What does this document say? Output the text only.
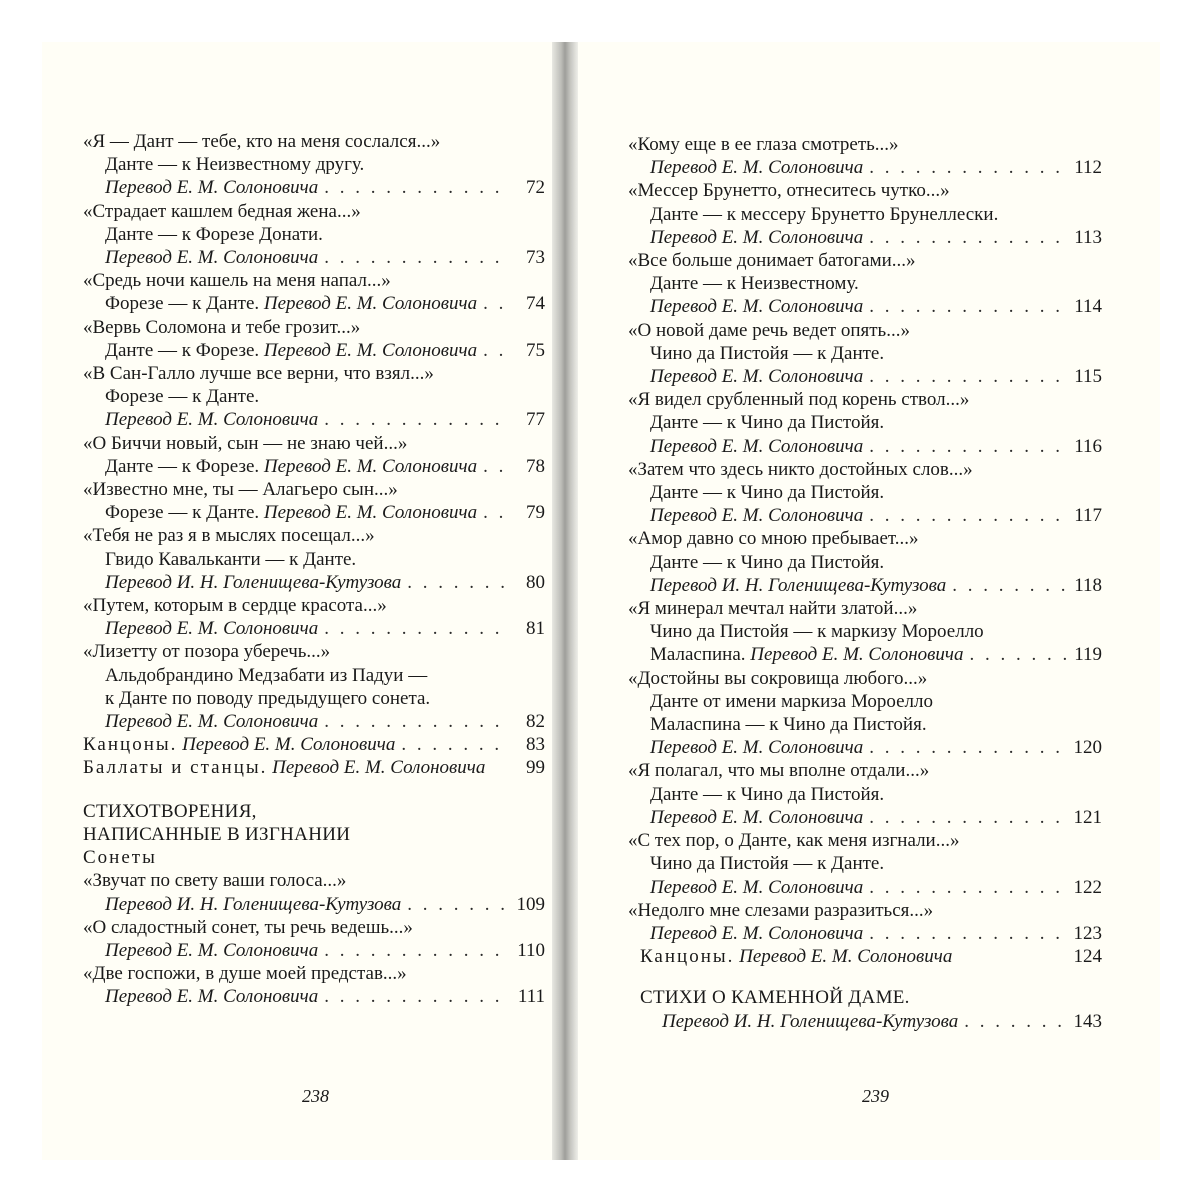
«Я — Дант — тебе, кто на меня сослался...»
Данте — к Неизвестному другу.
Перевод Е. М. Солоновича . . .	72
«Страдает кашлем бедная жена...»
Данте — к Форезе Донати.
Перевод Е. М. Солоновича . . .	73
«Средь ночи кашель на меня напал...»
Форезе — к Данте. Перевод Е. М. Солоновича . . .	74
«Вервь Соломона и тебе грозит...»
Данте — к Форезе. Перевод Е. М. Солоновича . . .	75
«В Сан-Галло лучше все верни, что взял...»
Форезе — к Данте.
Перевод Е. М. Солоновича . . .	77
«О Биччи новый, сын — не знаю чей...»
Данте — к Форезе. Перевод Е. М. Солоновича . . .	78
«Известно мне, ты — Алагьеро сын...»
Форезе — к Данте. Перевод Е. М. Солоновича . . .	79
«Тебя не раз я в мыслях посещал...»
Гвидо Кавальканти — к Данте.
Перевод И. Н. Голенищева-Кутузова . . .	80
«Путем, которым в сердце красота...»
Перевод Е. М. Солоновича . . .	81
«Лизетту от позора уберечь...»
Альдобрандино Медзабати из Падуи —
к Данте по поводу предыдущего сонета.
Перевод Е. М. Солоновича . . .	82
Канцоны. Перевод Е. М. Солоновича . . .	83
Баллаты и станцы. Перевод Е. М. Солоновича	99
СТИХОТВОРЕНИЯ,
НАПИСАННЫЕ В ИЗГНАНИИ
Сонеты
«Звучат по свету ваши голоса...»
Перевод И. Н. Голенищева-Кутузова . . .	109
«О сладостный сонет, ты речь ведешь...»
Перевод Е. М. Солоновича . . .	110
«Две госпожи, в душе моей представ...»
Перевод Е. М. Солоновича . . .	111
238
«Кому еще в ее глаза смотреть...»
Перевод Е. М. Солоновича . . .	112
«Мессер Брунетто, отнеситесь чутко...»
Данте — к мессеру Брунетто Брунеллески.
Перевод Е. М. Солоновича . . .	113
«Все больше донимает батогами...»
Данте — к Неизвестному.
Перевод Е. М. Солоновича . . .	114
«О новой даме речь ведет опять...»
Чино да Пистойя — к Данте.
Перевод Е. М. Солоновича . . .	115
«Я видел срубленный под корень ствол...»
Данте — к Чино да Пистойя.
Перевод Е. М. Солоновича . . .	116
«Затем что здесь никто достойных слов...»
Данте — к Чино да Пистойя.
Перевод Е. М. Солоновича . . .	117
«Амор давно со мною пребывает...»
Данте — к Чино да Пистойя.
Перевод И. Н. Голенищева-Кутузова . . .	118
«Я минерал мечтал найти златой...»
Чино да Пистойя — к маркизу Мороелло
Маласпина. Перевод Е. М. Солоновича . . .	119
«Достойны вы сокровища любого...»
Данте от имени маркиза Мороелло
Маласпина — к Чино да Пистойя.
Перевод Е. М. Солоновича . . .	120
«Я полагал, что мы вполне отдали...»
Данте — к Чино да Пистойя.
Перевод Е. М. Солоновича . . .	121
«С тех пор, о Данте, как меня изгнали...»
Чино да Пистойя — к Данте.
Перевод Е. М. Солоновича . . .	122
«Недолго мне слезами разразиться...»
Перевод Е. М. Солоновича . . .	123
Канцоны. Перевод Е. М. Солоновича	124
СТИХИ О КАМЕННОЙ ДАМЕ.
Перевод И. Н. Голенищева-Кутузова . . .	143
239
